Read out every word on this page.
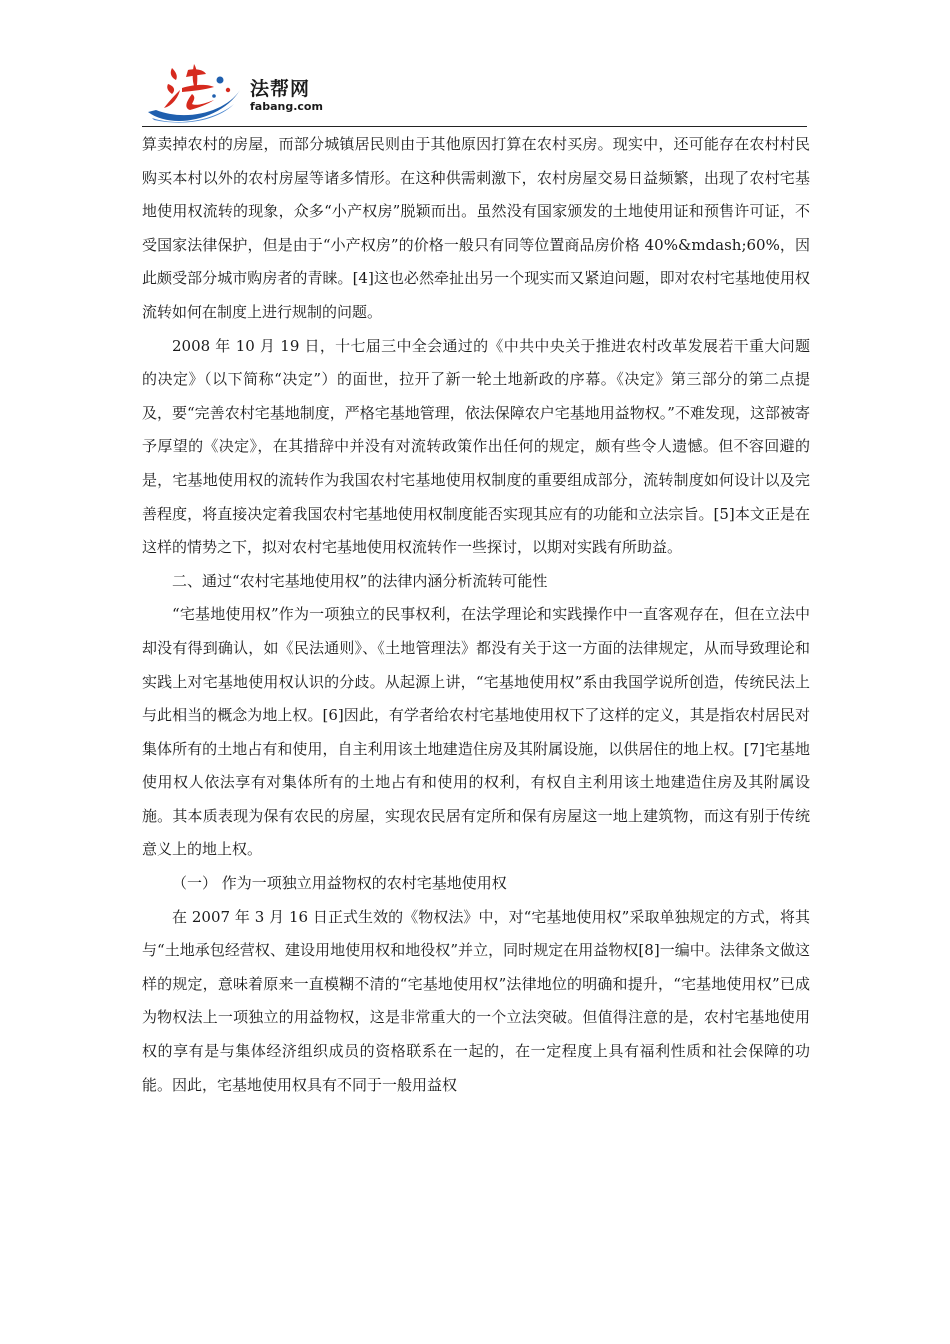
法帮网
fabang.com

算卖掉农村的房屋，而部分城镇居民则由于其他原因打算在农村买房。现实中，还可能存在农村村民购买本村以外的农村房屋等诸多情形。在这种供需刺激下，农村房屋交易日益频繁，出现了农村宅基地使用权流转的现象，众多“小产权房”脱颖而出。虽然没有国家颁发的土地使用证和预售许可证，不受国家法律保护，但是由于“小产权房”的价格一般只有同等位置商品房价格 40%&mdash;60%，因此颇受部分城市购房者的青睐。[4]这也必然牵扯出另一个现实而又紧迫问题，即对农村宅基地使用权流转如何在制度上进行规制的问题。

2008 年 10 月 19 日，十七届三中全会通过的《中共中央关于推进农村改革发展若干重大问题的决定》（以下简称“决定”）的面世，拉开了新一轮土地新政的序幕。《决定》第三部分的第二点提及，要“完善农村宅基地制度，严格宅基地管理，依法保障农户宅基地用益物权。”不难发现，这部被寄予厚望的《决定》，在其措辞中并没有对流转政策作出任何的规定，颇有些令人遗憾。但不容回避的是，宅基地使用权的流转作为我国农村宅基地使用权制度的重要组成部分，流转制度如何设计以及完善程度，将直接决定着我国农村宅基地使用权制度能否实现其应有的功能和立法宗旨。[5]本文正是在这样的情势之下，拟对农村宅基地使用权流转作一些探讨，以期对实践有所助益。

二、通过“农村宅基地使用权”的法律内涵分析流转可能性

“宅基地使用权”作为一项独立的民事权利，在法学理论和实践操作中一直客观存在，但在立法中却没有得到确认，如《民法通则》、《土地管理法》都没有关于这一方面的法律规定，从而导致理论和实践上对宅基地使用权认识的分歧。从起源上讲，“宅基地使用权”系由我国学说所创造，传统民法上与此相当的概念为地上权。[6]因此，有学者给农村宅基地使用权下了这样的定义，其是指农村居民对集体所有的土地占有和使用，自主利用该土地建造住房及其附属设施，以供居住的地上权。[7]宅基地使用权人依法享有对集体所有的土地占有和使用的权利，有权自主利用该土地建造住房及其附属设施。其本质表现为保有农民的房屋，实现农民居有定所和保有房屋这一地上建筑物，而这有别于传统意义上的地上权。

（一） 作为一项独立用益物权的农村宅基地使用权

在 2007 年 3 月 16 日正式生效的《物权法》中，对“宅基地使用权”采取单独规定的方式，将其与“土地承包经营权、建设用地使用权和地役权”并立，同时规定在用益物权[8]一编中。法律条文做这样的规定，意味着原来一直模糊不清的“宅基地使用权”法律地位的明确和提升，“宅基地使用权”已成为物权法上一项独立的用益物权，这是非常重大的一个立法突破。但值得注意的是，农村宅基地使用权的享有是与集体经济组织成员的资格联系在一起的，在一定程度上具有福利性质和社会保障的功能。因此，宅基地使用权具有不同于一般用益权
